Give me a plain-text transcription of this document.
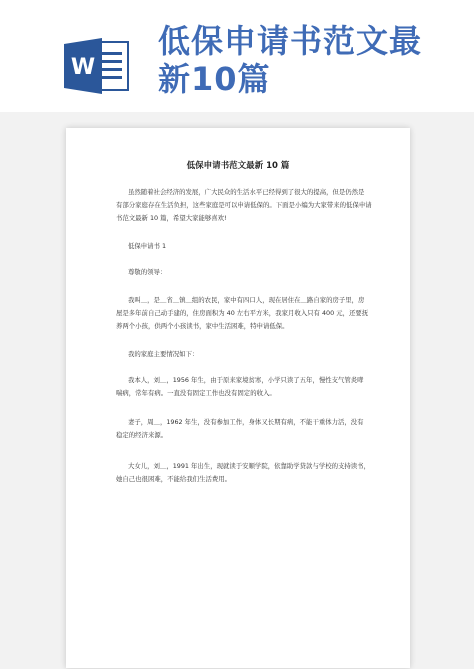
W
低保申请书范文最
新10篇
低保申请书范文最新 10 篇
虽然随着社会经济的发展，广大民众的生活水平已经得到了很大的提高，但是仍然是
有部分家庭存在生活负担，这些家庭是可以申请低保的。下面是小编为大家带来的低保申请
书范文最新 10 篇，希望大家能够喜欢!
低保申请书 1
尊敬的领导：
我叫＿，是＿省＿镇＿组的农民，家中有四口人，现在居住在＿路自家的房子里，房
屋是多年前自己动手建的，住房面积为 40 左右平方米，我家月收入只有 400 元，还要抚
养两个小孩，供两个小孩读书，家中生活困难，特申请低保。
我的家庭主要情况如下：
我本人，刘＿，1956 年生，由于原来家境贫寒，小学只读了五年，慢性支气管炎哮
喘病，常年有病。一直没有固定工作也没有固定的收入。
妻子，周＿，1962 年生，没有参加工作，身体又长期有病，不能干重体力活，没有
稳定的经济来源。
大女儿，刘＿，1991 年出生，现就读于安顺学院，依靠助学贷款与学校的支持读书，
她自己也很困难，不能给我们生活费用。
